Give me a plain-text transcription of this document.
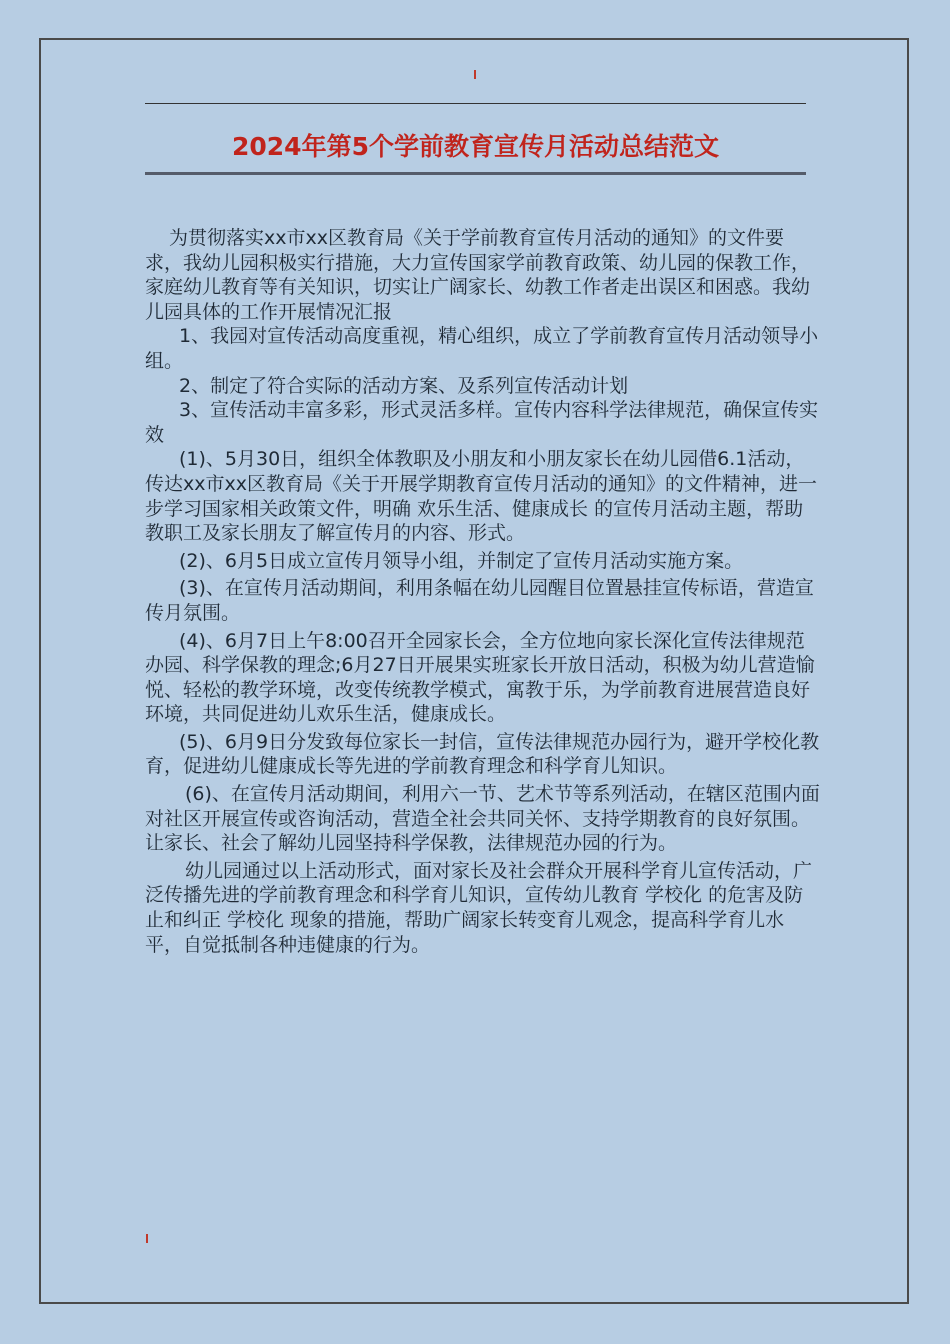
2024年第5个学前教育宣传月活动总结范文

为贯彻落实xx市xx区教育局《关于学前教育宣传月活动的通知》的文件要求，我幼儿园积极实行措施，大力宣传国家学前教育政策、幼儿园的保教工作，家庭幼儿教育等有关知识，切实让广阔家长、幼教工作者走出误区和困惑。我幼儿园具体的工作开展情况汇报

1、我园对宣传活动高度重视，精心组织，成立了学前教育宣传月活动领导小组。

2、制定了符合实际的活动方案、及系列宣传活动计划

3、宣传活动丰富多彩，形式灵活多样。宣传内容科学法律规范，确保宣传实效

(1)、5月30日，组织全体教职及小朋友和小朋友家长在幼儿园借6.1活动，传达xx市xx区教育局《关于开展学期教育宣传月活动的通知》的文件精神，进一步学习国家相关政策文件，明确 欢乐生活、健康成长 的宣传月活动主题，帮助教职工及家长朋友了解宣传月的内容、形式。

(2)、6月5日成立宣传月领导小组，并制定了宣传月活动实施方案。

(3)、在宣传月活动期间，利用条幅在幼儿园醒目位置悬挂宣传标语，营造宣传月氛围。

(4)、6月7日上午8:00召开全园家长会，全方位地向家长深化宣传法律规范办园、科学保教的理念;6月27日开展果实班家长开放日活动，积极为幼儿营造愉悦、轻松的教学环境，改变传统教学模式，寓教于乐，为学前教育进展营造良好环境，共同促进幼儿欢乐生活，健康成长。

(5)、6月9日分发致每位家长一封信，宣传法律规范办园行为，避开学校化教育，促进幼儿健康成长等先进的学前教育理念和科学育儿知识。

(6)、在宣传月活动期间，利用六一节、艺术节等系列活动，在辖区范围内面对社区开展宣传或咨询活动，营造全社会共同关怀、支持学期教育的良好氛围。让家长、社会了解幼儿园坚持科学保教，法律规范办园的行为。

幼儿园通过以上活动形式，面对家长及社会群众开展科学育儿宣传活动，广泛传播先进的学前教育理念和科学育儿知识，宣传幼儿教育 学校化 的危害及防止和纠正 学校化 现象的措施，帮助广阔家长转变育儿观念，提高科学育儿水平，自觉抵制各种违健康的行为。
